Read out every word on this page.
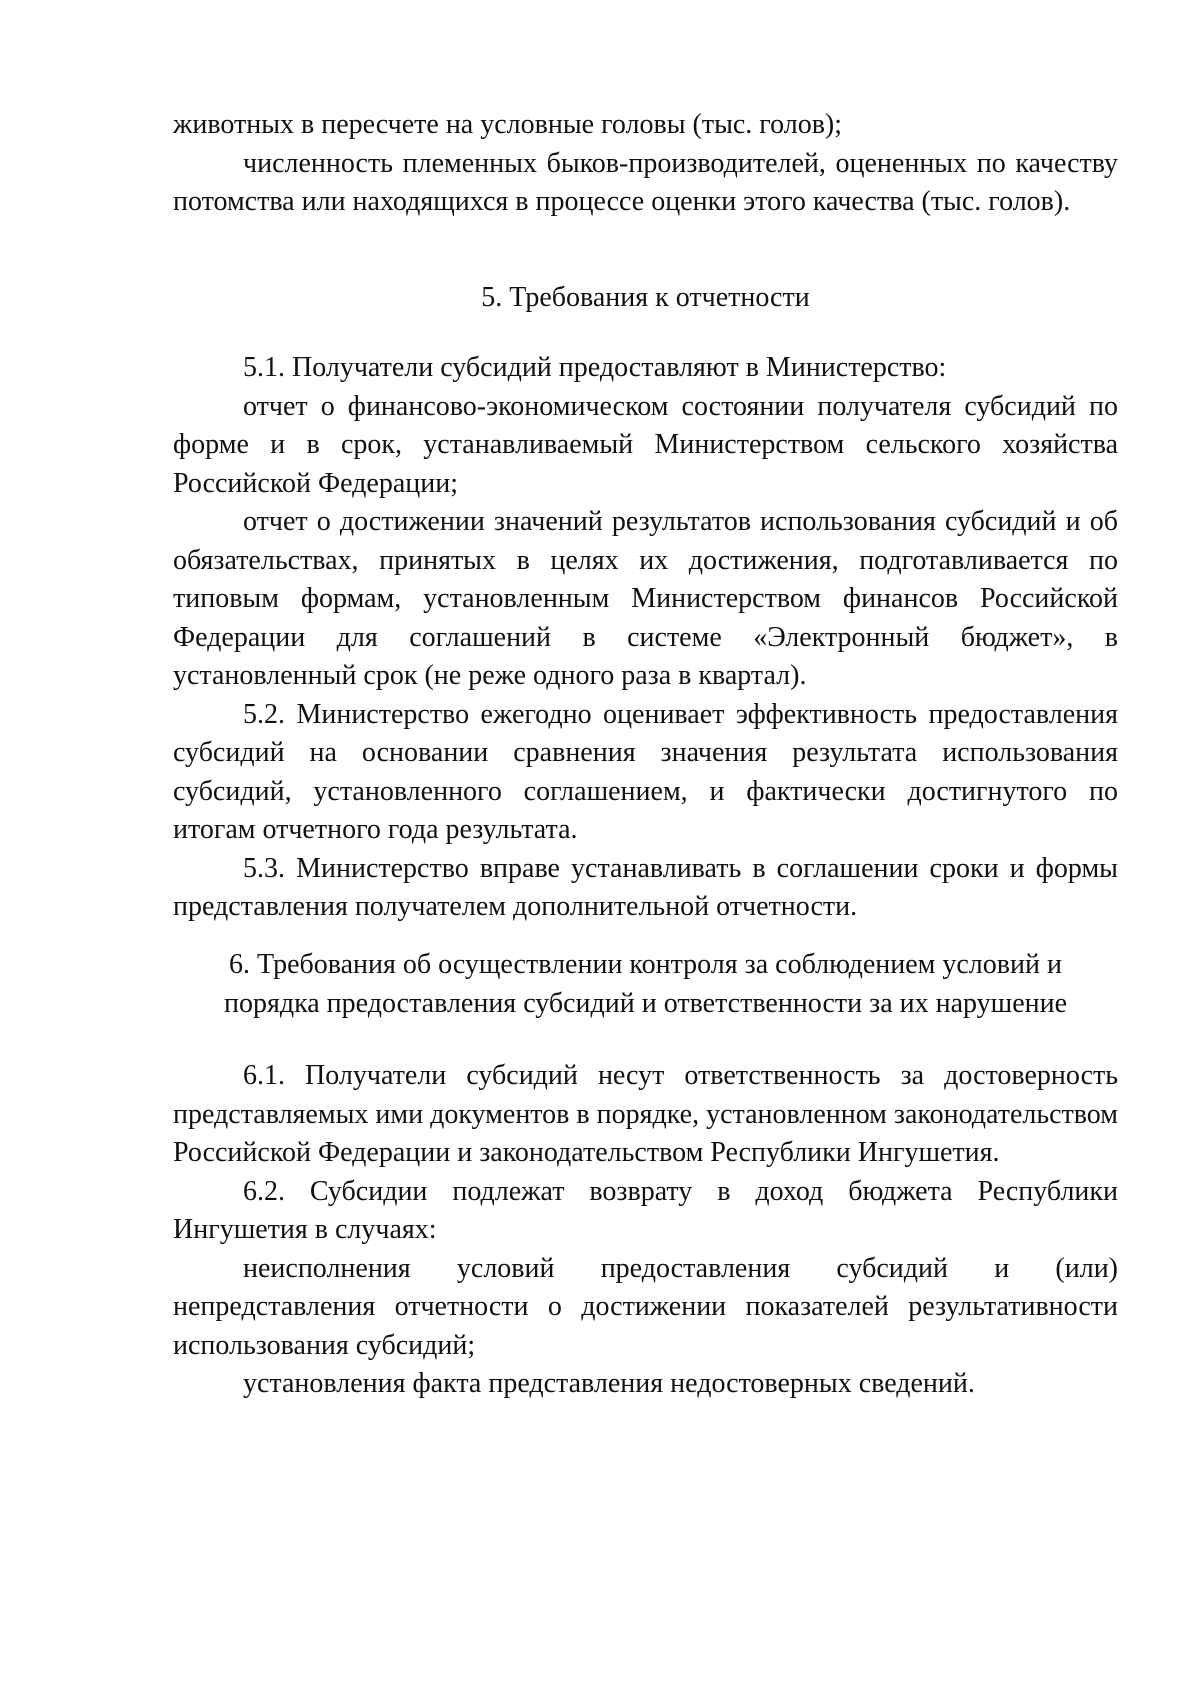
животных в пересчете на условные головы (тыс. голов);

численность племенных быков-производителей, оцененных по качеству потомства или находящихся в процессе оценки этого качества (тыс. голов).

5. Требования к отчетности

5.1. Получатели субсидий предоставляют в Министерство:

отчет о финансово-экономическом состоянии получателя субсидий по форме и в срок, устанавливаемый Министерством сельского хозяйства Российской Федерации;

отчет о достижении значений результатов использования субсидий и об обязательствах, принятых в целях их достижения, подготавливается по типовым формам, установленным Министерством финансов Российской Федерации для соглашений в системе «Электронный бюджет», в установленный срок (не реже одного раза в квартал).

5.2. Министерство ежегодно оценивает эффективность предоставления субсидий на основании сравнения значения результата использования субсидий, установленного соглашением, и фактически достигнутого по итогам отчетного года результата.

5.3. Министерство вправе устанавливать в соглашении сроки и формы представления получателем дополнительной отчетности.

6. Требования об осуществлении контроля за соблюдением условий и

порядка предоставления субсидий и ответственности за их нарушение

6.1. Получатели субсидий несут ответственность за достоверность представляемых ими документов в порядке, установленном законодательством Российской Федерации и законодательством Республики Ингушетия.

6.2. Субсидии подлежат возврату в доход бюджета Республики Ингушетия в случаях:

неисполнения условий предоставления субсидий и (или) непредставления отчетности о достижении показателей результативности использования субсидий;

установления факта представления недостоверных сведений.
